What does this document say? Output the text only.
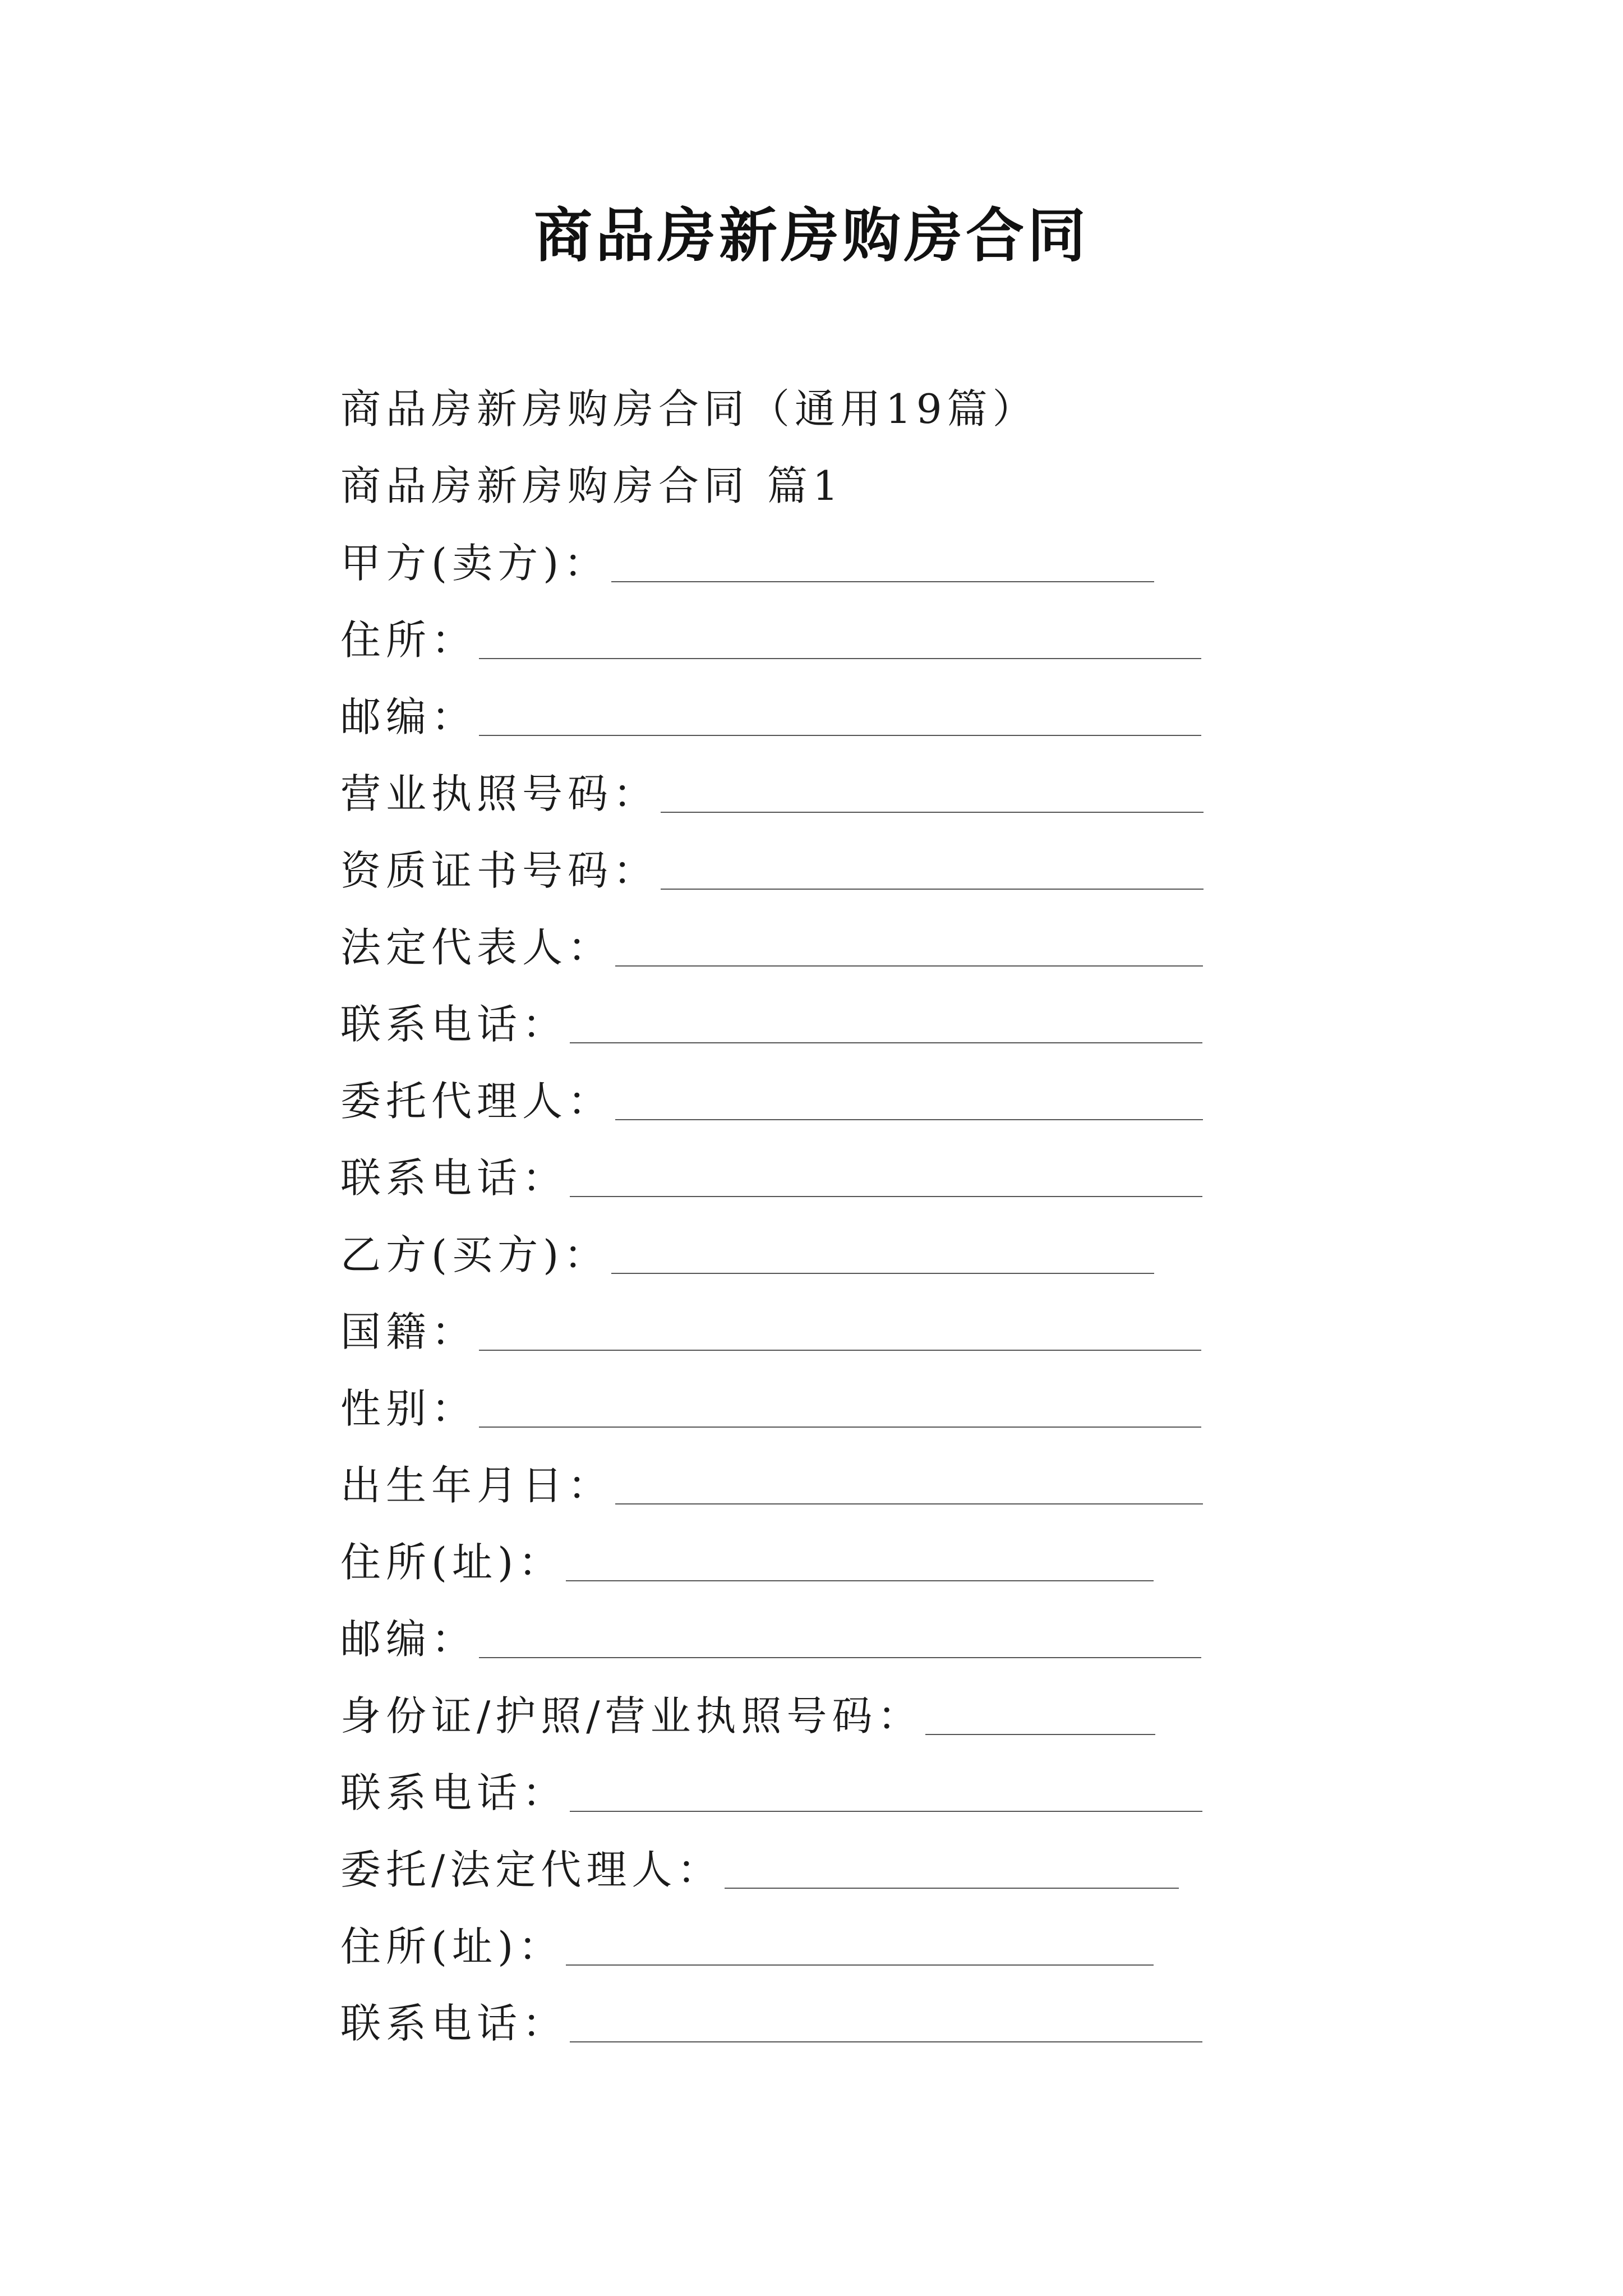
商品房新房购房合同
商品房新房购房合同（通用19篇）
商品房新房购房合同 篇1
甲方(卖方)：
住所：
邮编：
营业执照号码：
资质证书号码：
法定代表人：
联系电话：
委托代理人：
联系电话：
乙方(买方)：
国籍：
性别：
出生年月日：
住所(址)：
邮编：
身份证/护照/营业执照号码：
联系电话：
委托/法定代理人：
住所(址)：
联系电话：
